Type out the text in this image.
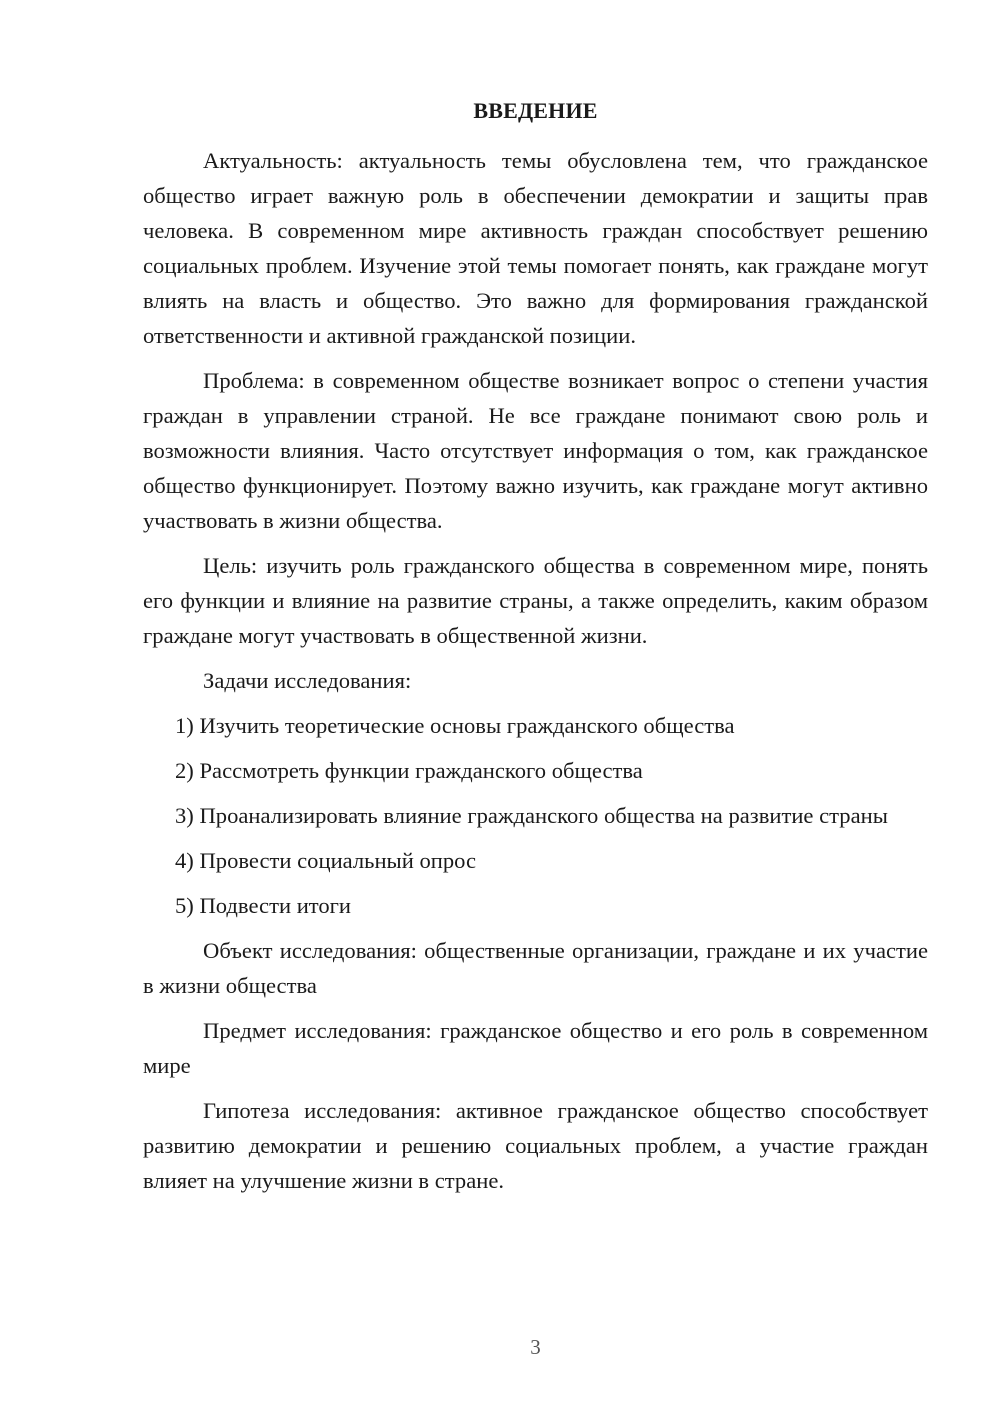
ВВЕДЕНИЕ

Актуальность: актуальность темы обусловлена тем, что гражданское общество играет важную роль в обеспечении демократии и защиты прав человека. В современном мире активность граждан способствует решению социальных проблем. Изучение этой темы помогает понять, как граждане могут влиять на власть и общество. Это важно для формирования гражданской ответственности и активной гражданской позиции.

Проблема: в современном обществе возникает вопрос о степени участия граждан в управлении страной. Не все граждане понимают свою роль и возможности влияния. Часто отсутствует информация о том, как гражданское общество функционирует. Поэтому важно изучить, как граждане могут активно участвовать в жизни общества.

Цель: изучить роль гражданского общества в современном мире, понять его функции и влияние на развитие страны, а также определить, каким образом граждане могут участвовать в общественной жизни.

Задачи исследования:

1) Изучить теоретические основы гражданского общества

2) Рассмотреть функции гражданского общества

3) Проанализировать влияние гражданского общества на развитие страны

4) Провести социальный опрос

5) Подвести итоги

Объект исследования: общественные организации, граждане и их участие в жизни общества

Предмет исследования: гражданское общество и его роль в современном мире

Гипотеза исследования: активное гражданское общество способствует развитию демократии и решению социальных проблем, а участие граждан влияет на улучшение жизни в стране.

3
